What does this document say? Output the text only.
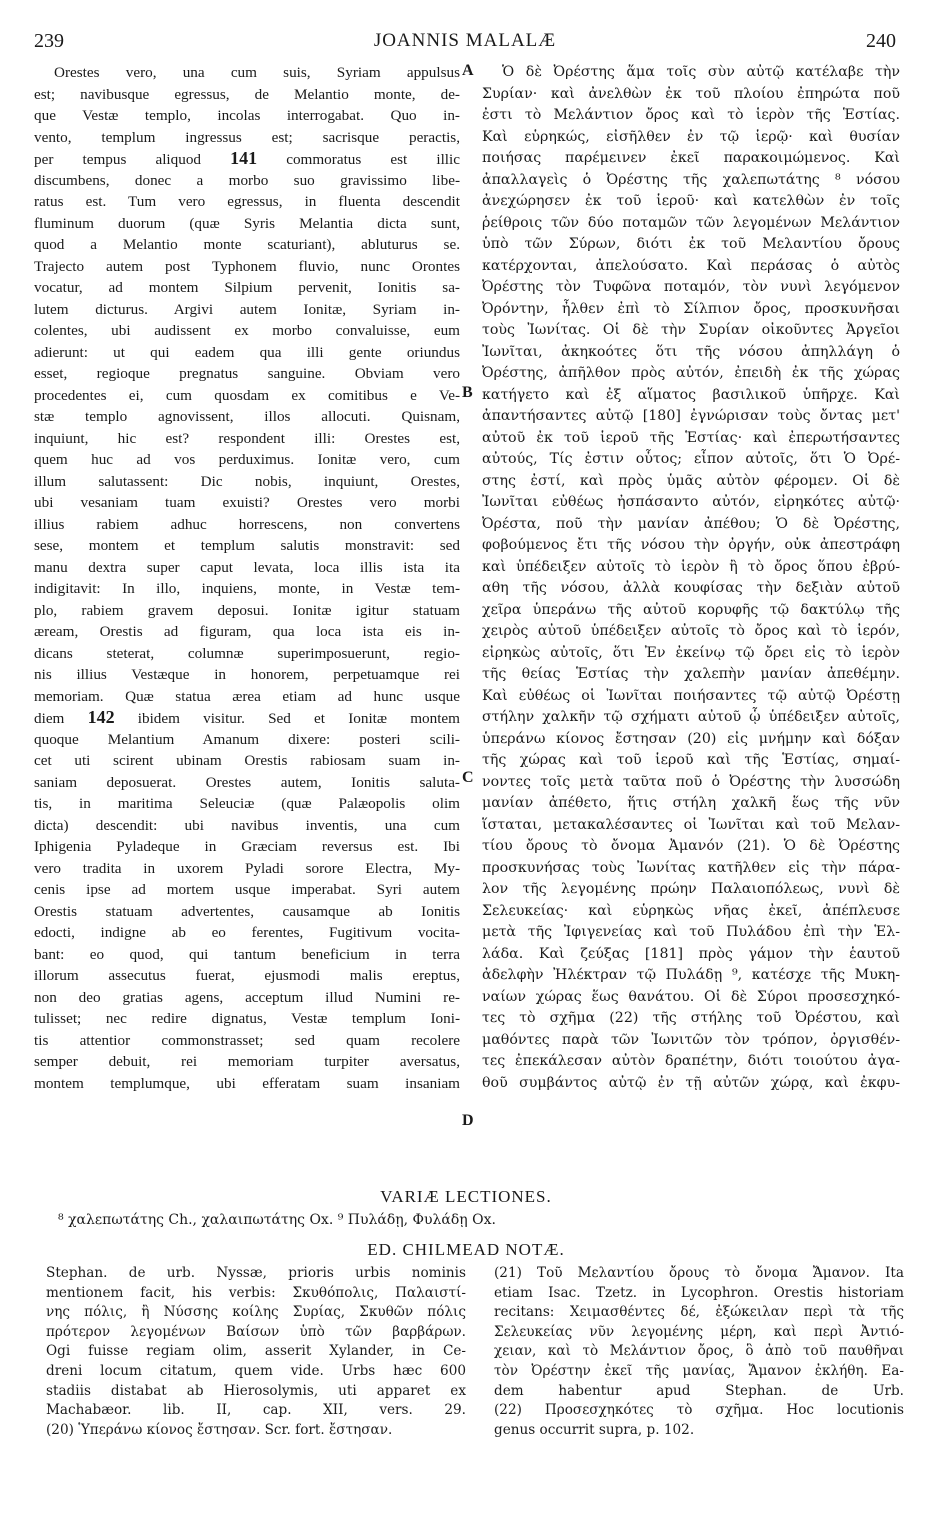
239	JOANNIS MALALÆ	240
A
B
C
D
Orestes vero, una cum suis, Syriam appulsus
est; navibusque egressus, de Melantio monte, de-
que Vestæ templo, incolas interrogabat. Quo in-
vento, templum ingressus est; sacrisque peractis,
per tempus aliquod 141 commoratus est illic
discumbens, donec a morbo suo gravissimo libe-
ratus est. Tum vero egressus, in fluenta descendit
fluminum duorum (quæ Syris Melantia dicta sunt,
quod a Melantio monte scaturiant), abluturus se.
Trajecto autem post Typhonem fluvio, nunc Orontes
vocatur, ad montem Silpium pervenit, Ionitis sa-
lutem dicturus. Argivi autem Ionitæ, Syriam in-
colentes, ubi audissent ex morbo convaluisse, eum
adierunt: ut qui eadem qua illi gente oriundus
esset, regioque pregnatus sanguine. Obviam vero
procedentes ei, cum quosdam ex comitibus e Ve-
stæ templo agnovissent, illos allocuti. Quisnam,
inquiunt, hic est? respondent illi: Orestes est,
quem huc ad vos perduximus. Ionitæ vero, cum
illum salutassent: Dic nobis, inquiunt, Orestes,
ubi vesaniam tuam exuisti? Orestes vero morbi
illius rabiem adhuc horrescens, non convertens
sese, montem et templum salutis monstravit: sed
manu dextra super caput levata, loca illis ista ita
indigitavit: In illo, inquiens, monte, in Vestæ tem-
plo, rabiem gravem deposui. Ionitæ igitur statuam
æream, Orestis ad figuram, qua loca ista eis in-
dicans steterat, columnæ superimposuerunt, regio-
nis illius Vestæque in honorem, perpetuamque rei
memoriam. Quæ statua ærea etiam ad hunc usque
diem 142 ibidem visitur. Sed et Ionitæ montem
quoque Melantium Amanum dixere: posteri scili-
cet uti scirent ubinam Orestis rabiosam suam in-
saniam deposuerat. Orestes autem, Ionitis saluta-
tis, in maritima Seleuciæ (quæ Palæopolis olim
dicta) descendit: ubi navibus inventis, una cum
Iphigenia Pyladeque in Græciam reversus est. Ibi
vero tradita in uxorem Pyladi sorore Electra, My-
cenis ipse ad mortem usque imperabat. Syri autem
Orestis statuam advertentes, causamque ab Ionitis
edocti, indigne ab eo ferentes, Fugitivum vocita-
bant: eo quod, qui tantum beneficium in terra
illorum assecutus fuerat, ejusmodi malis ereptus,
non deo gratias agens, acceptum illud Numini re-
tulisset; nec redire dignatus, Vestæ templum Ioni-
tis attentior commonstrasset; sed quam recolere
semper debuit, rei memoriam turpiter aversatus,
montem templumque, ubi efferatam suam insaniam
Ὁ δὲ Ὀρέστης ἅμα τοῖς σὺν αὐτῷ κατέλαβε τὴν
Συρίαν· καὶ ἀνελθὼν ἐκ τοῦ πλοίου ἐπηρώτα ποῦ
ἐστι τὸ Μελάντιον ὄρος καὶ τὸ ἱερὸν τῆς Ἑστίας.
Καὶ εὑρηκώς, εἰσῆλθεν ἐν τῷ ἱερῷ· καὶ θυσίαν
ποιήσας παρέμεινεν ἐκεῖ παρακοιμώμενος. Καὶ
ἀπαλλαγεὶς ὁ Ὀρέστης τῆς χαλεπωτάτης ⁸ νόσου
ἀνεχώρησεν ἐκ τοῦ ἱεροῦ· καὶ κατελθὼν ἐν τοῖς
ῥείθροις τῶν δύο ποταμῶν τῶν λεγομένων Μελάντιον
ὑπὸ τῶν Σύρων, διότι ἐκ τοῦ Μελαντίου ὄρους
κατέρχονται, ἀπελούσατο. Καὶ περάσας ὁ αὐτὸς
Ὀρέστης τὸν Τυφῶνα ποταμόν, τὸν νυνὶ λεγόμενον
Ὀρόντην, ἦλθεν ἐπὶ τὸ Σίλπιον ὄρος, προσκυνῆσαι
τοὺς Ἰωνίτας. Οἱ δὲ τὴν Συρίαν οἰκοῦντες Ἀργεῖοι
Ἰωνῖται, ἀκηκοότες ὅτι τῆς νόσου ἀπηλλάγη ὁ
Ὀρέστης, ἀπῆλθον πρὸς αὐτόν, ἐπειδὴ ἐκ τῆς χώρας
κατήγετο καὶ ἐξ αἵματος βασιλικοῦ ὑπῆρχε. Καὶ
ἀπαντήσαντες αὐτῷ [180] ἐγνώρισαν τοὺς ὄντας μετ'
αὐτοῦ ἐκ τοῦ ἱεροῦ τῆς Ἑστίας· καὶ ἐπερωτήσαντες
αὐτούς, Τίς ἐστιν οὗτος; εἶπον αὐτοῖς, ὅτι Ὁ Ὀρέ-
στης ἐστί, καὶ πρὸς ὑμᾶς αὐτὸν φέρομεν. Οἱ δὲ
Ἰωνῖται εὐθέως ἠσπάσαντο αὐτόν, εἰρηκότες αὐτῷ·
Ὀρέστα, ποῦ τὴν μανίαν ἀπέθου; Ὁ δὲ Ὀρέστης,
φοβούμενος ἔτι τῆς νόσου τὴν ὀργήν, οὐκ ἀπεστράφη
καὶ ὑπέδειξεν αὐτοῖς τὸ ἱερὸν ἢ τὸ ὄρος ὅπου ἐβρύ-
αθη τῆς νόσου, ἀλλὰ κουφίσας τὴν δεξιὰν αὐτοῦ
χεῖρα ὑπεράνω τῆς αὐτοῦ κορυφῆς τῷ δακτύλῳ τῆς
χειρὸς αὐτοῦ ὑπέδειξεν αὐτοῖς τὸ ὄρος καὶ τὸ ἱερόν,
εἰρηκὼς αὐτοῖς, ὅτι Ἐν ἐκείνῳ τῷ ὄρει εἰς τὸ ἱερὸν
τῆς θείας Ἑστίας τὴν χαλεπὴν μανίαν ἀπεθέμην.
Καὶ εὐθέως οἱ Ἰωνῖται ποιήσαντες τῷ αὐτῷ Ὀρέστῃ
στήλην χαλκῆν τῷ σχήματι αὐτοῦ ᾧ ὑπέδειξεν αὐτοῖς,
ὑπεράνω κίονος ἔστησαν (20) εἰς μνήμην καὶ δόξαν
τῆς χώρας καὶ τοῦ ἱεροῦ καὶ τῆς Ἑστίας, σημαί-
νοντες τοῖς μετὰ ταῦτα ποῦ ὁ Ὀρέστης τὴν λυσσώδη
μανίαν ἀπέθετο, ἥτις στήλη χαλκῆ ἕως τῆς νῦν
ἵσταται, μετακαλέσαντες οἱ Ἰωνῖται καὶ τοῦ Μελαν-
τίου ὄρους τὸ ὄνομα Ἀμανόν (21). Ὁ δὲ Ὀρέστης
προσκυνήσας τοὺς Ἰωνίτας κατῆλθεν εἰς τὴν πάρα-
λον τῆς λεγομένης πρώην Παλαιοπόλεως, νυνὶ δὲ
Σελευκείας· καὶ εὑρηκὼς νῆας ἐκεῖ, ἀπέπλευσε
μετὰ τῆς Ἰφιγενείας καὶ τοῦ Πυλάδου ἐπὶ τὴν Ἑλ-
λάδα. Καὶ ζεύξας [181] πρὸς γάμον τὴν ἑαυτοῦ
ἀδελφὴν Ἠλέκτραν τῷ Πυλάδῃ ⁹, κατέσχε τῆς Μυκη-
ναίων χώρας ἕως θανάτου. Οἱ δὲ Σύροι προσεσχηκό-
τες τὸ σχῆμα (22) τῆς στήλης τοῦ Ὀρέστου, καὶ
μαθόντες παρὰ τῶν Ἰωνιτῶν τὸν τρόπον, ὀργισθέν-
τες ἐπεκάλεσαν αὐτὸν δραπέτην, διότι τοιούτου ἀγα-
θοῦ συμβάντος αὐτῷ ἐν τῇ αὐτῶν χώρᾳ, καὶ ἐκφυ-
VARIÆ LECTIONES.
⁸ χαλεπωτάτης Ch., χαλαιπωτάτης Ox. ⁹ Πυλάδῃ, Φυλάδῃ Ox.
ED. CHILMEAD NOTÆ.
Stephan. de urb. Nyssæ, prioris urbis nominis
mentionem facit, his verbis: Σκυθόπολις, Παλαιστί-
νης πόλις, ἢ Νύσσης κοίλης Συρίας, Σκυθῶν πόλις
πρότερον λεγομένων Βαίσων ὑπὸ τῶν βαρβάρων.
Ogi fuisse regiam olim, asserit Xylander, in Ce-
dreni locum citatum, quem vide. Urbs hæc 600
stadiis distabat ab Hierosolymis, uti apparet ex
Machabæor. lib. II, cap. XII, vers. 29.
(20) Ὑπεράνω κίονος ἔστησαν. Scr. fort. ἔστησαν.
(21) Τοῦ Μελαντίου ὄρους τὸ ὄνομα Ἄμανον. Ita
etiam Isac. Tzetz. in Lycophron. Orestis historiam
recitans: Χειμασθέντες δέ, ἐξώκειλαν περὶ τὰ τῆς
Σελευκείας νῦν λεγομένης μέρη, καὶ περὶ Ἀντιό-
χειαν, καὶ τὸ Μελάντιον ὄρος, ὃ ἀπὸ τοῦ παυθῆναι
τὸν Ὀρέστην ἐκεῖ τῆς μανίας, Ἄμανον ἐκλήθη. Ea-
dem habentur apud Stephan. de Urb.
(22) Προσεσχηκότες τὸ σχῆμα. Hoc locutionis
genus occurrit supra, p. 102.
